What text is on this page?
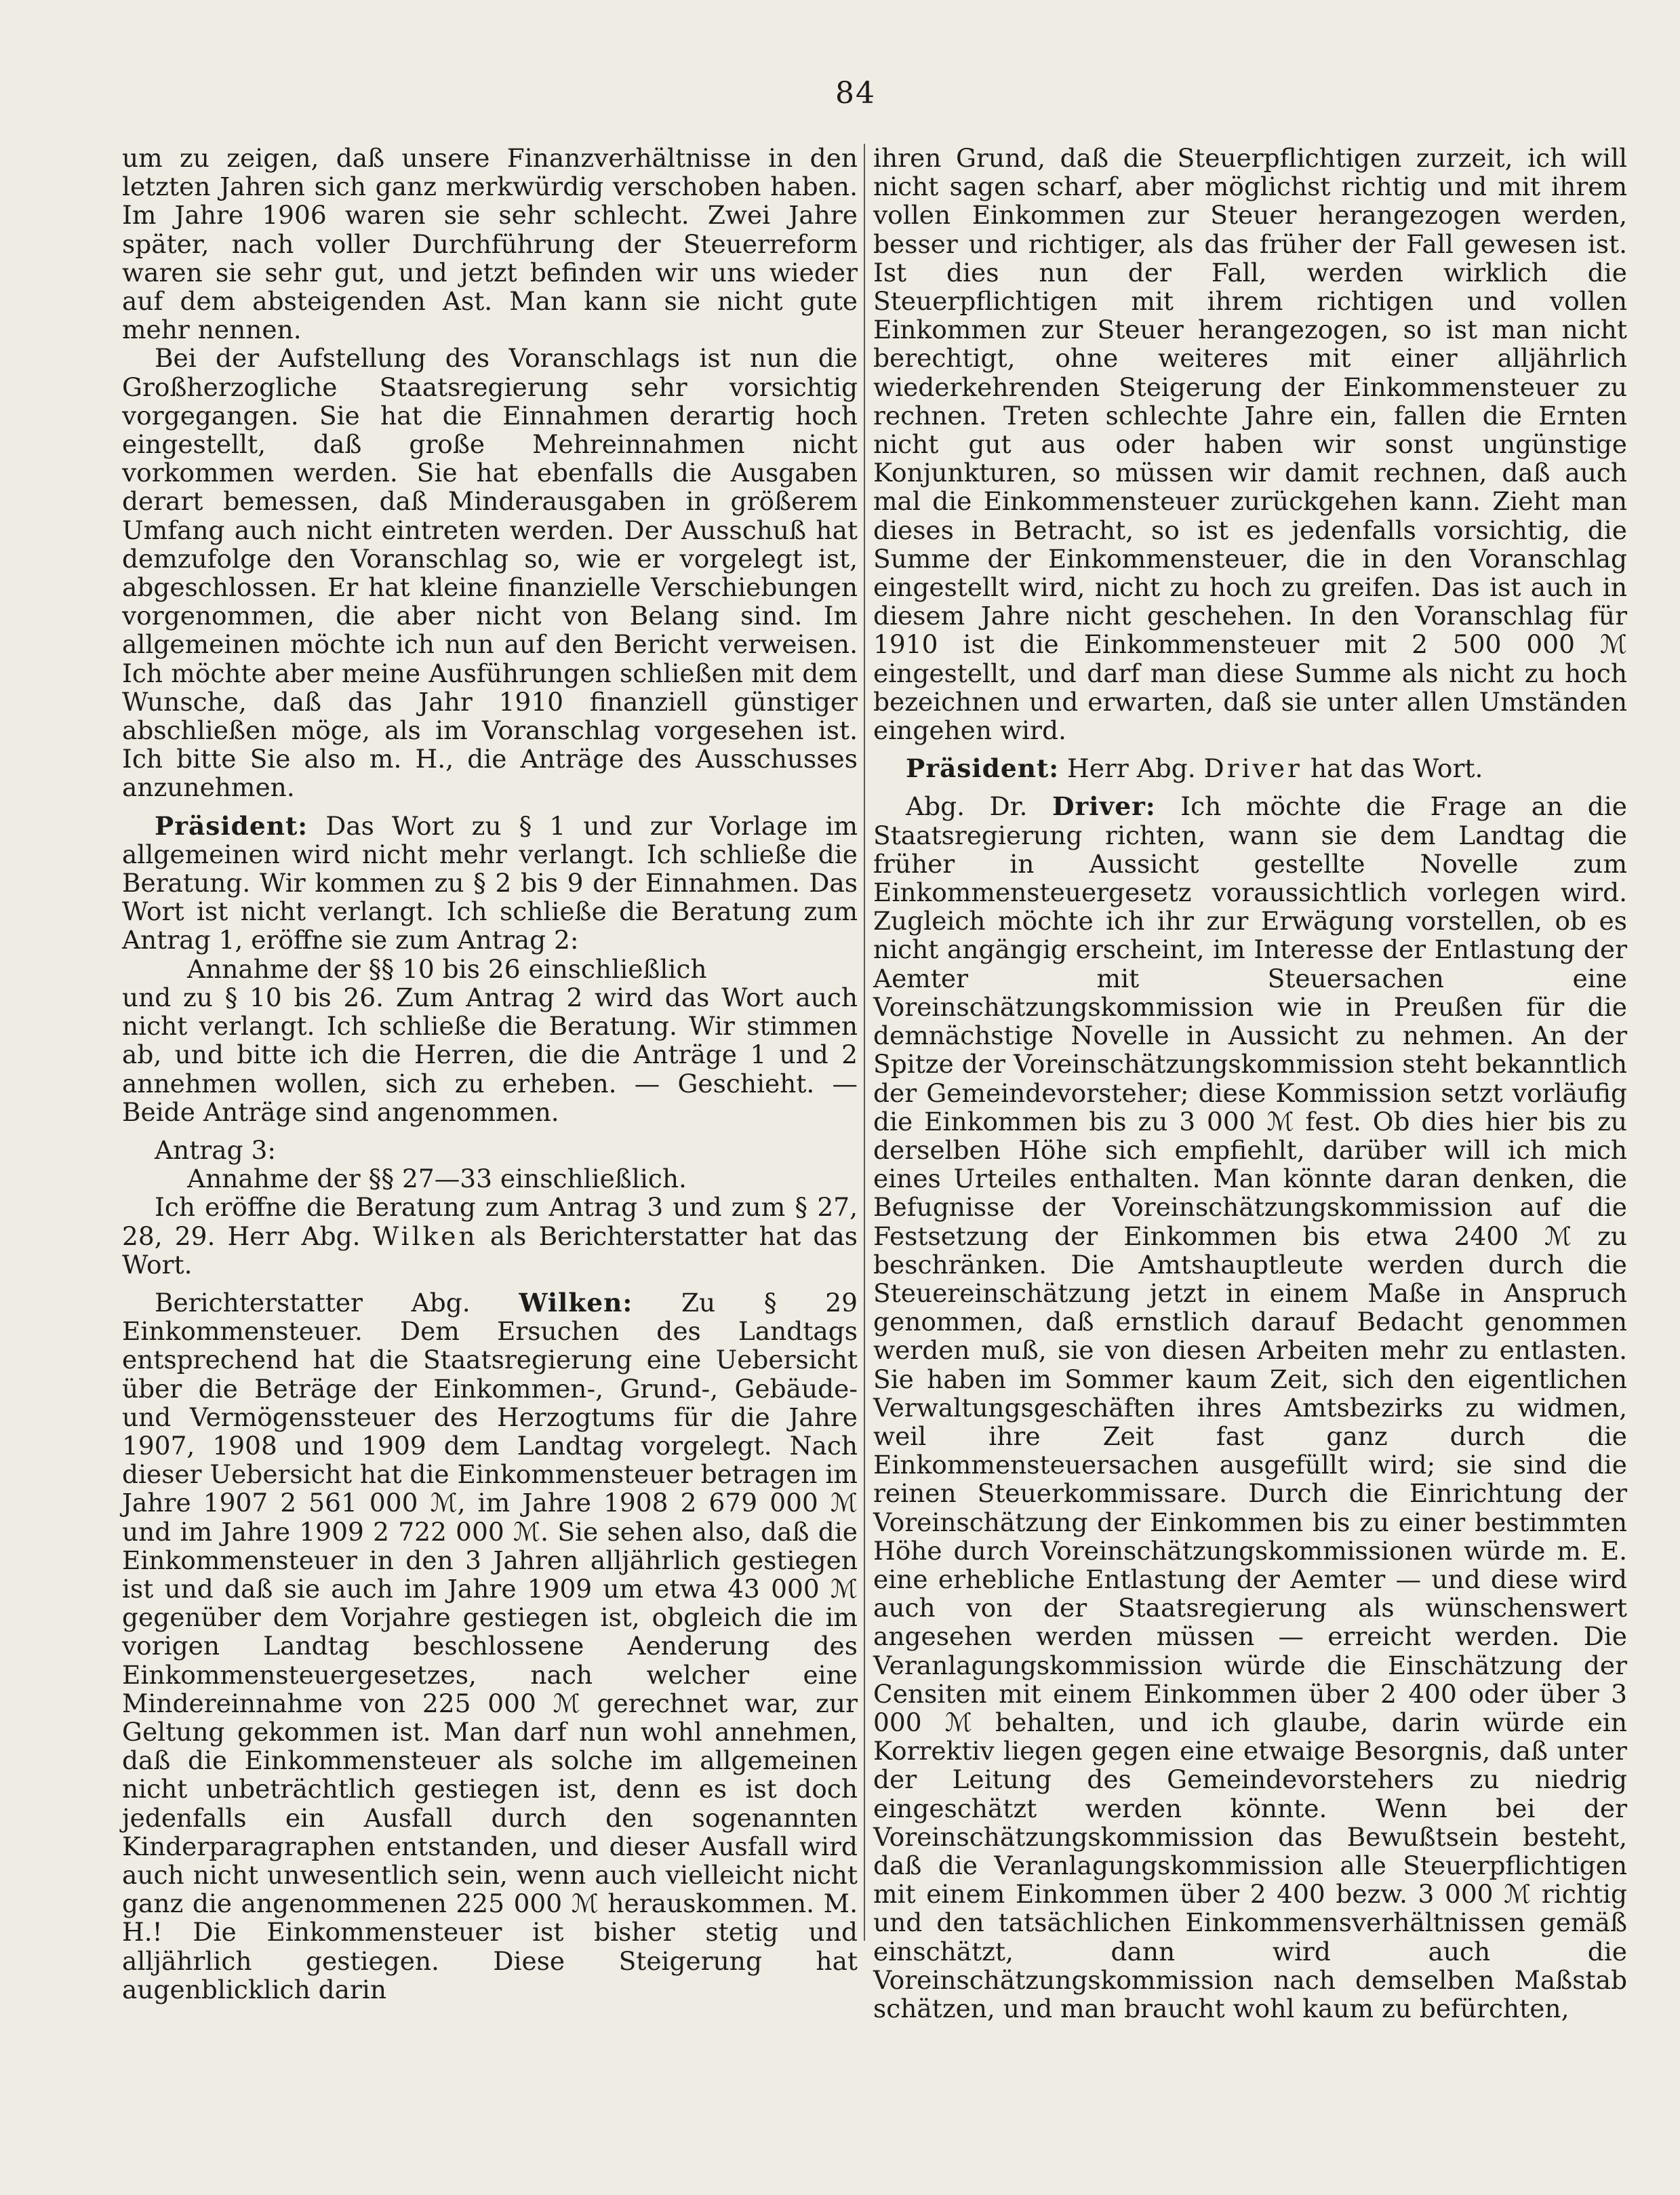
84

um zu zeigen, daß unsere Finanzverhältnisse in den letzten Jahren sich ganz merkwürdig verschoben haben. Im Jahre 1906 waren sie sehr schlecht. Zwei Jahre später, nach voller Durchführung der Steuerreform waren sie sehr gut, und jetzt befinden wir uns wieder auf dem absteigenden Ast. Man kann sie nicht gute mehr nennen.

Bei der Aufstellung des Voranschlags ist nun die Großherzogliche Staatsregierung sehr vorsichtig vorgegangen. Sie hat die Einnahmen derartig hoch eingestellt, daß große Mehreinnahmen nicht vorkommen werden. Sie hat ebenfalls die Ausgaben derart bemessen, daß Minderausgaben in größerem Umfang auch nicht eintreten werden. Der Ausschuß hat demzufolge den Voranschlag so, wie er vorgelegt ist, abgeschlossen. Er hat kleine finanzielle Verschiebungen vorgenommen, die aber nicht von Belang sind. Im allgemeinen möchte ich nun auf den Bericht verweisen. Ich möchte aber meine Ausführungen schließen mit dem Wunsche, daß das Jahr 1910 finanziell günstiger abschließen möge, als im Voranschlag vorgesehen ist. Ich bitte Sie also m. H., die Anträge des Ausschusses anzunehmen.

Präsident: Das Wort zu § 1 und zur Vorlage im allgemeinen wird nicht mehr verlangt. Ich schließe die Beratung. Wir kommen zu § 2 bis 9 der Einnahmen. Das Wort ist nicht verlangt. Ich schließe die Beratung zum Antrag 1, eröffne sie zum Antrag 2:

Annahme der §§ 10 bis 26 einschließlich

und zu § 10 bis 26. Zum Antrag 2 wird das Wort auch nicht verlangt. Ich schließe die Beratung. Wir stimmen ab, und bitte ich die Herren, die die Anträge 1 und 2 annehmen wollen, sich zu erheben. — Geschieht. — Beide Anträge sind angenommen.

Antrag 3:

Annahme der §§ 27—33 einschließlich.

Ich eröffne die Beratung zum Antrag 3 und zum § 27, 28, 29. Herr Abg. Wilken als Berichterstatter hat das Wort.

Berichterstatter Abg. Wilken: Zu § 29 Einkommensteuer. Dem Ersuchen des Landtags entsprechend hat die Staatsregierung eine Uebersicht über die Beträge der Einkommen-, Grund-, Gebäude- und Vermögenssteuer des Herzogtums für die Jahre 1907, 1908 und 1909 dem Landtag vorgelegt. Nach dieser Uebersicht hat die Einkommensteuer betragen im Jahre 1907 2 561 000 ℳ, im Jahre 1908 2 679 000 ℳ und im Jahre 1909 2 722 000 ℳ. Sie sehen also, daß die Einkommensteuer in den 3 Jahren alljährlich gestiegen ist und daß sie auch im Jahre 1909 um etwa 43 000 ℳ gegenüber dem Vorjahre gestiegen ist, obgleich die im vorigen Landtag beschlossene Aenderung des Einkommensteuergesetzes, nach welcher eine Mindereinnahme von 225 000 ℳ gerechnet war, zur Geltung gekommen ist. Man darf nun wohl annehmen, daß die Einkommensteuer als solche im allgemeinen nicht unbeträchtlich gestiegen ist, denn es ist doch jedenfalls ein Ausfall durch den sogenannten Kinderparagraphen entstanden, und dieser Ausfall wird auch nicht unwesentlich sein, wenn auch vielleicht nicht ganz die angenommenen 225 000 ℳ herauskommen. M. H.! Die Einkommensteuer ist bisher stetig und alljährlich gestiegen. Diese Steigerung hat augenblicklich darin

ihren Grund, daß die Steuerpflichtigen zurzeit, ich will nicht sagen scharf, aber möglichst richtig und mit ihrem vollen Einkommen zur Steuer herangezogen werden, besser und richtiger, als das früher der Fall gewesen ist. Ist dies nun der Fall, werden wirklich die Steuerpflichtigen mit ihrem richtigen und vollen Einkommen zur Steuer herangezogen, so ist man nicht berechtigt, ohne weiteres mit einer alljährlich wiederkehrenden Steigerung der Einkommensteuer zu rechnen. Treten schlechte Jahre ein, fallen die Ernten nicht gut aus oder haben wir sonst ungünstige Konjunkturen, so müssen wir damit rechnen, daß auch mal die Einkommensteuer zurückgehen kann. Zieht man dieses in Betracht, so ist es jedenfalls vorsichtig, die Summe der Einkommensteuer, die in den Voranschlag eingestellt wird, nicht zu hoch zu greifen. Das ist auch in diesem Jahre nicht geschehen. In den Voranschlag für 1910 ist die Einkommensteuer mit 2 500 000 ℳ eingestellt, und darf man diese Summe als nicht zu hoch bezeichnen und erwarten, daß sie unter allen Umständen eingehen wird.

Präsident: Herr Abg. Driver hat das Wort.

Abg. Dr. Driver: Ich möchte die Frage an die Staatsregierung richten, wann sie dem Landtag die früher in Aussicht gestellte Novelle zum Einkommensteuergesetz voraussichtlich vorlegen wird. Zugleich möchte ich ihr zur Erwägung vorstellen, ob es nicht angängig erscheint, im Interesse der Entlastung der Aemter mit Steuersachen eine Voreinschätzungskommission wie in Preußen für die demnächstige Novelle in Aussicht zu nehmen. An der Spitze der Voreinschätzungskommission steht bekanntlich der Gemeindevorsteher; diese Kommission setzt vorläufig die Einkommen bis zu 3 000 ℳ fest. Ob dies hier bis zu derselben Höhe sich empfiehlt, darüber will ich mich eines Urteiles enthalten. Man könnte daran denken, die Befugnisse der Voreinschätzungskommission auf die Festsetzung der Einkommen bis etwa 2400 ℳ zu beschränken. Die Amtshauptleute werden durch die Steuereinschätzung jetzt in einem Maße in Anspruch genommen, daß ernstlich darauf Bedacht genommen werden muß, sie von diesen Arbeiten mehr zu entlasten. Sie haben im Sommer kaum Zeit, sich den eigentlichen Verwaltungsgeschäften ihres Amtsbezirks zu widmen, weil ihre Zeit fast ganz durch die Einkommensteuersachen ausgefüllt wird; sie sind die reinen Steuerkommissare. Durch die Einrichtung der Voreinschätzung der Einkommen bis zu einer bestimmten Höhe durch Voreinschätzungskommissionen würde m. E. eine erhebliche Entlastung der Aemter — und diese wird auch von der Staatsregierung als wünschenswert angesehen werden müssen — erreicht werden. Die Veranlagungskommission würde die Einschätzung der Censiten mit einem Einkommen über 2 400 oder über 3 000 ℳ behalten, und ich glaube, darin würde ein Korrektiv liegen gegen eine etwaige Besorgnis, daß unter der Leitung des Gemeindevorstehers zu niedrig eingeschätzt werden könnte. Wenn bei der Voreinschätzungskommission das Bewußtsein besteht, daß die Veranlagungskommission alle Steuerpflichtigen mit einem Einkommen über 2 400 bezw. 3 000 ℳ richtig und den tatsächlichen Einkommensverhältnissen gemäß einschätzt, dann wird auch die Voreinschätzungskommission nach demselben Maßstab schätzen, und man braucht wohl kaum zu befürchten,
